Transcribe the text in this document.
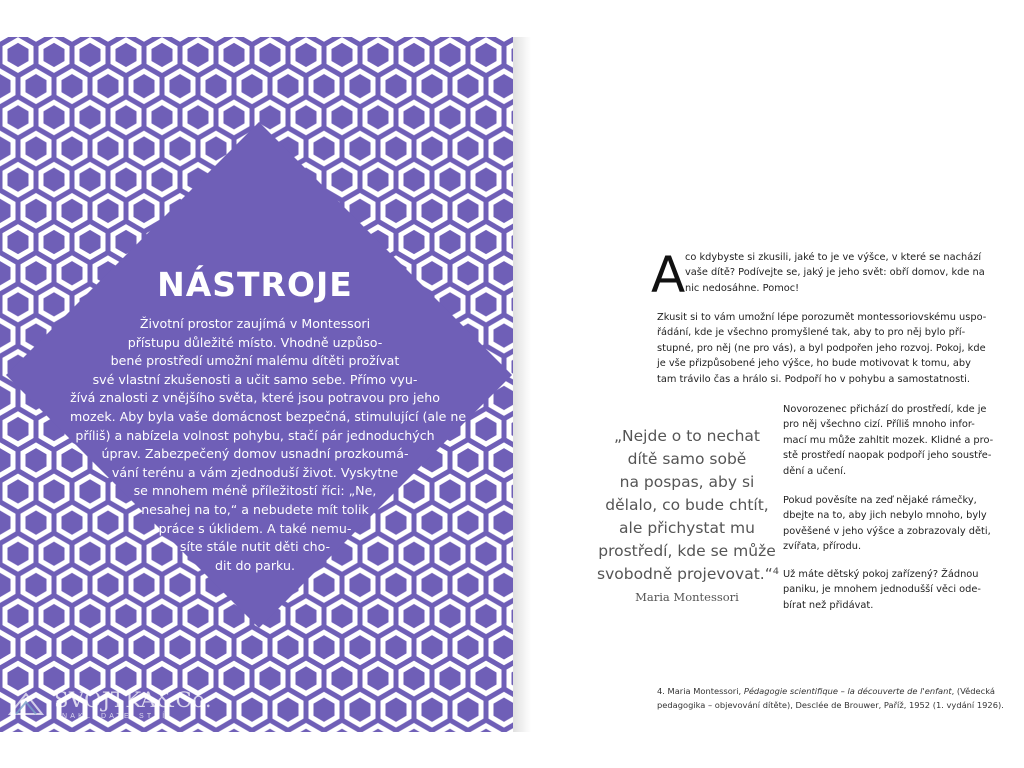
NÁSTROJE

Životní prostor zaujímá v Montessori
přístupu důležité místo. Vhodně uzpůso-
bené prostředí umožní malému dítěti prožívat
své vlastní zkušenosti a učit samo sebe. Přímo vyu-
žívá znalosti z vnějšího světa, které jsou potravou pro jeho
mozek. Aby byla vaše domácnost bezpečná, stimulující (ale ne
příliš) a nabízela volnost pohybu, stačí pár jednoduchých
úprav. Zabezpečený domov usnadní prozkoumá-
vání terénu a vám zjednoduší život. Vyskytne
se mnohem méně příležitostí říci: „Ne,
nesahej na to,“ a nebudete mít tolik
práce s úklidem. A také nemu-
síte stále nutit děti cho-
dit do parku.

SVOJTKA&Co.
NAKLADATELSTVÍ
A co kdybyste si zkusili, jaké to je ve výšce, v které se nachází
vaše dítě? Podívejte se, jaký je jeho svět: obří domov, kde na
nic nedosáhne. Pomoc!

Zkusit si to vám umožní lépe porozumět montessoriovskému uspo-
řádání, kde je všechno promyšlené tak, aby to pro něj bylo pří-
stupné, pro něj (ne pro vás), a byl podpořen jeho rozvoj. Pokoj, kde
je vše přizpůsobené jeho výšce, ho bude motivovat k tomu, aby
tam trávilo čas a hrálo si. Podpoří ho v pohybu a samostatnosti.

„Nejde o to nechat
dítě samo sobě
na pospas, aby si
dělalo, co bude chtít,
ale přichystat mu
prostředí, kde se může
svobodně projevovat.“⁴
Maria Montessori

Novorozenec přichází do prostředí, kde je
pro něj všechno cizí. Příliš mnoho infor-
mací mu může zahltit mozek. Klidné a pro-
stě prostředí naopak podpoří jeho soustře-
dění a učení.

Pokud pověsíte na zeď nějaké rámečky,
dbejte na to, aby jich nebylo mnoho, byly
pověšené v jeho výšce a zobrazovaly děti,
zvířata, přírodu.

Už máte dětský pokoj zařízený? Žádnou
paniku, je mnohem jednodušší věci ode-
bírat než přidávat.

4. Maria Montessori, Pédagogie scientifique – la découverte de l'enfant, (Vědecká
pedagogika – objevování dítěte), Desclée de Brouwer, Paříž, 1952 (1. vydání 1926).
